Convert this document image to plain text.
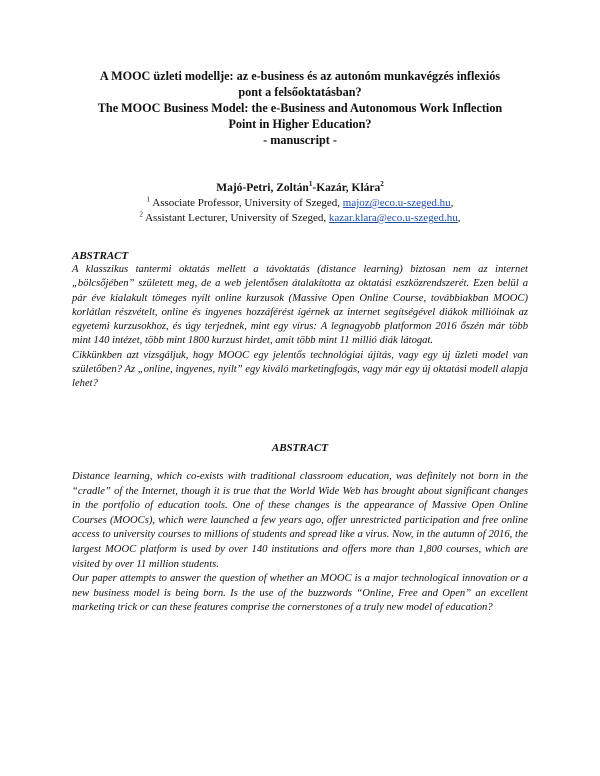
A MOOC üzleti modellje: az e-business és az autonóm munkavégzés inflexiós
pont a felsőoktatásban?
The MOOC Business Model: the e-Business and Autonomous Work Inflection
Point in Higher Education?
- manuscript -
Majó-Petri, Zoltán$^1$-Kazár, Klára$^2$
$^1$ Associate Professor, University of Szeged, majoz@eco.u-szeged.hu,
$^2$ Assistant Lecturer, University of Szeged, kazar.klara@eco.u-szeged.hu,
ABSTRACT

A klasszikus tantermi oktatás mellett a távoktatás (distance learning) biztosan nem az internet „bölcsőjében” született meg, de a web jelentősen átalakította az oktatási eszközrendszerét. Ezen belül a pár éve kialakult tömeges nyílt online kurzusok (Massive Open Online Course, továbbiakban MOOC) korlátlan részvételt, online és ingyenes hozzáférést ígérnek az internet segítségével diákok millióinak az egyetemi kurzusokhoz, és úgy terjednek, mint egy vírus: A legnagyobb platformon 2016 őszén már több mint 140 intézet, több mint 1800 kurzust hirdet, amit több mint 11 millió diák látogat.

Cikkünkben azt vizsgáljuk, hogy MOOC egy jelentős technológiai újítás, vagy egy új üzleti model van születőben? Az „online, ingyenes, nyílt” egy kiváló marketingfogás, vagy már egy új oktatási modell alapja lehet?

ABSTRACT

Distance learning, which co-exists with traditional classroom education, was definitely not born in the “cradle” of the Internet, though it is true that the World Wide Web has brought about significant changes in the portfolio of education tools. One of these changes is the appearance of Massive Open Online Courses (MOOCs), which were launched a few years ago, offer unrestricted participation and free online access to university courses to millions of students and spread like a virus. Now, in the autumn of 2016, the largest MOOC platform is used by over 140 institutions and offers more than 1,800 courses, which are visited by over 11 million students.

Our paper attempts to answer the question of whether an MOOC is a major technological innovation or a new business model is being born. Is the use of the buzzwords “Online, Free and Open” an excellent marketing trick or can these features comprise the cornerstones of a truly new model of education?
